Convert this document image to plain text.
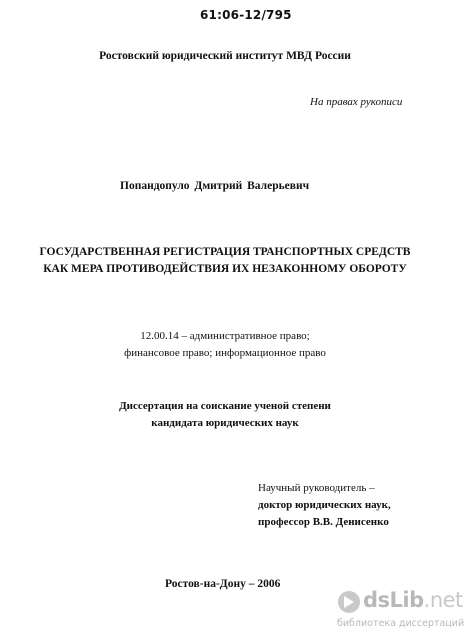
61:06-12/795
Ростовский юридический институт МВД России
На правах рукописи
Попандопуло Дмитрий Валерьевич
ГОСУДАРСТВЕННАЯ РЕГИСТРАЦИЯ ТРАНСПОРТНЫХ СРЕДСТВ
КАК МЕРА ПРОТИВОДЕЙСТВИЯ ИХ НЕЗАКОННОМУ ОБОРОТУ
12.00.14 – административное право;
финансовое право; информационное право
Диссертация на соискание ученой степени
кандидата юридических наук
Научный руководитель –
доктор юридических наук,
профессор В.В. Денисенко
Ростов-на-Дону – 2006
dsLib.net
библиотека диссертаций
